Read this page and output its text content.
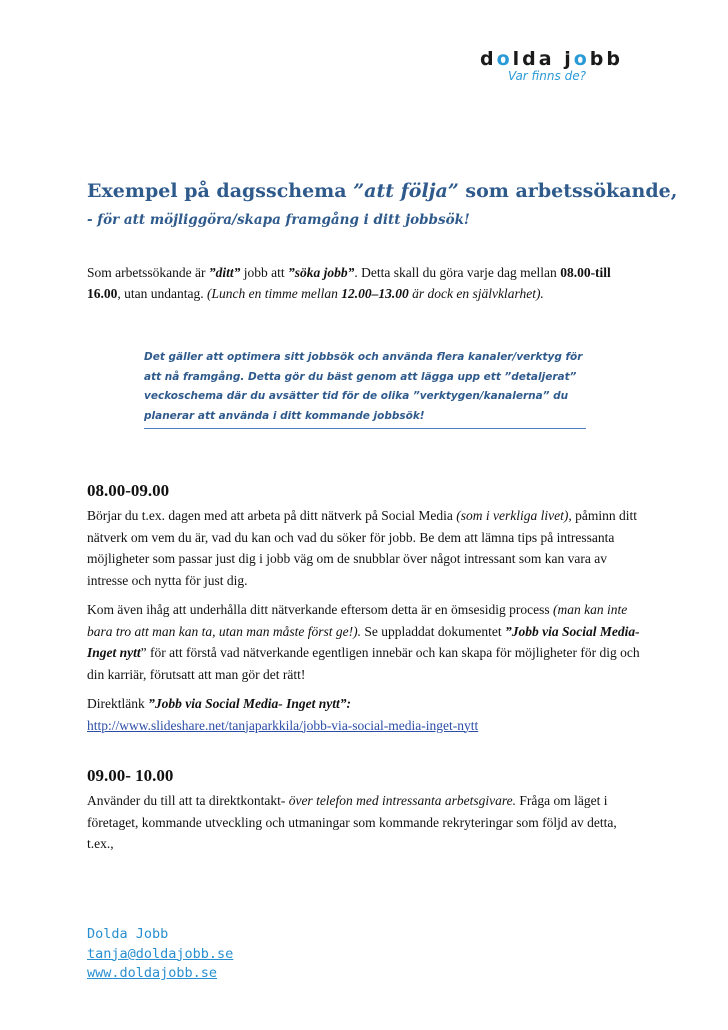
dolda jobb
Var finns de?
Exempel på dagsschema ”att följa” som arbetssökande,
- för att möjliggöra/skapa framgång i ditt jobbsök!

Som arbetssökande är ”ditt” jobb att ”söka jobb”. Detta skall du göra varje dag mellan 08.00-till 16.00, utan undantag. (Lunch en timme mellan 12.00–13.00 är dock en självklarhet).

Det gäller att optimera sitt jobbsök och använda flera kanaler/verktyg för att nå framgång. Detta gör du bäst genom att lägga upp ett ”detaljerat” veckoschema där du avsätter tid för de olika ”verktygen/kanalerna” du planerar att använda i ditt kommande jobbsök!

08.00-09.00

Börjar du t.ex. dagen med att arbeta på ditt nätverk på Social Media (som i verkliga livet), påminn ditt nätverk om vem du är, vad du kan och vad du söker för jobb. Be dem att lämna tips på intressanta möjligheter som passar just dig i jobb väg om de snubblar över något intressant som kan vara av intresse och nytta för just dig.

Kom även ihåg att underhålla ditt nätverkande eftersom detta är en ömsesidig process (man kan inte bara tro att man kan ta, utan man måste först ge!). Se uppladdat dokumentet ”Jobb via Social Media- Inget nytt” för att förstå vad nätverkande egentligen innebär och kan skapa för möjligheter för dig och din karriär, förutsatt att man gör det rätt!

Direktlänk ”Jobb via Social Media- Inget nytt”:
http://www.slideshare.net/tanjaparkkila/jobb-via-social-media-inget-nytt

09.00- 10.00

Använder du till att ta direktkontakt- över telefon med intressanta arbetsgivare. Fråga om läget i företaget, kommande utveckling och utmaningar som kommande rekryteringar som följd av detta, t.ex.,

Dolda Jobb
tanja@doldajobb.se
www.doldajobb.se
